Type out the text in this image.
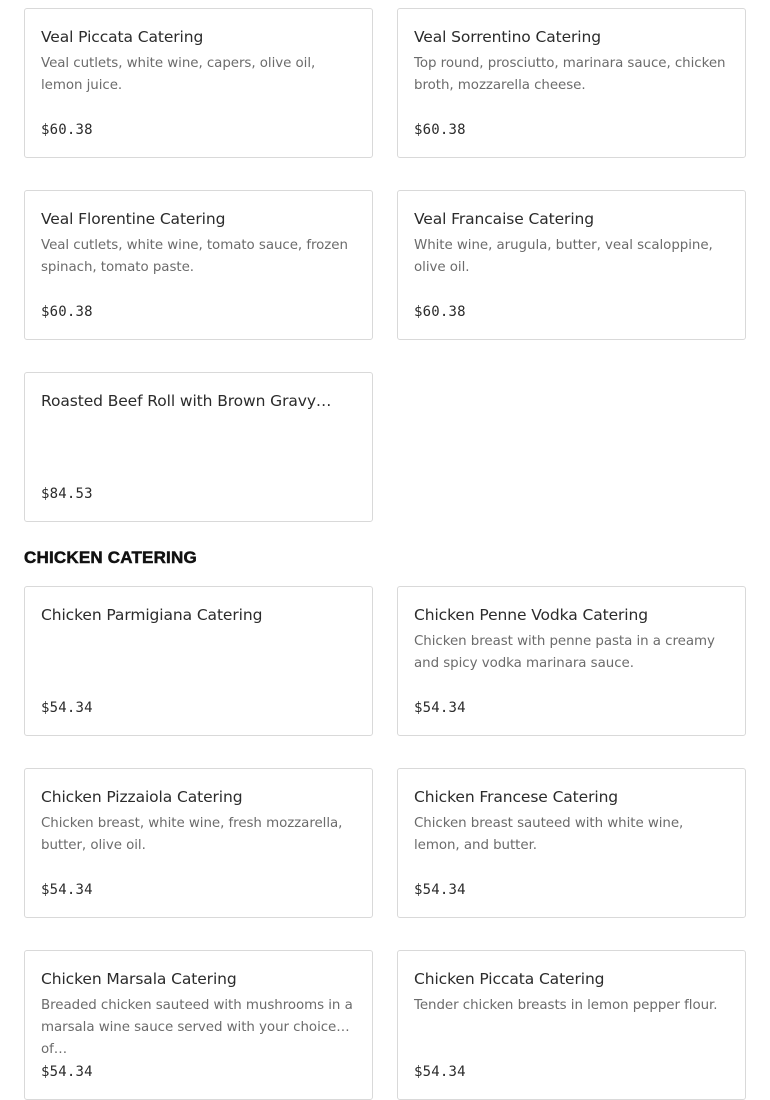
Veal Piccata Catering
Veal cutlets, white wine, capers, olive oil, lemon juice.
$60.38
Veal Sorrentino Catering
Top round, prosciutto, marinara sauce, chicken broth, mozzarella cheese.
$60.38
Veal Florentine Catering
Veal cutlets, white wine, tomato sauce, frozen spinach, tomato paste.
$60.38
Veal Francaise Catering
White wine, arugula, butter, veal scaloppine, olive oil.
$60.38
Roasted Beef Roll with Brown Gravy…
$84.53
CHICKEN CATERING
Chicken Parmigiana Catering
$54.34
Chicken Penne Vodka Catering
Chicken breast with penne pasta in a creamy and spicy vodka marinara sauce.
$54.34
Chicken Pizzaiola Catering
Chicken breast, white wine, fresh mozzarella, butter, olive oil.
$54.34
Chicken Francese Catering
Chicken breast sauteed with white wine, lemon, and butter.
$54.34
Chicken Marsala Catering
Breaded chicken sauteed with mushrooms in a marsala wine sauce served with your choice of…
$54.34
Chicken Piccata Catering
Tender chicken breasts in lemon pepper flour.
$54.34
